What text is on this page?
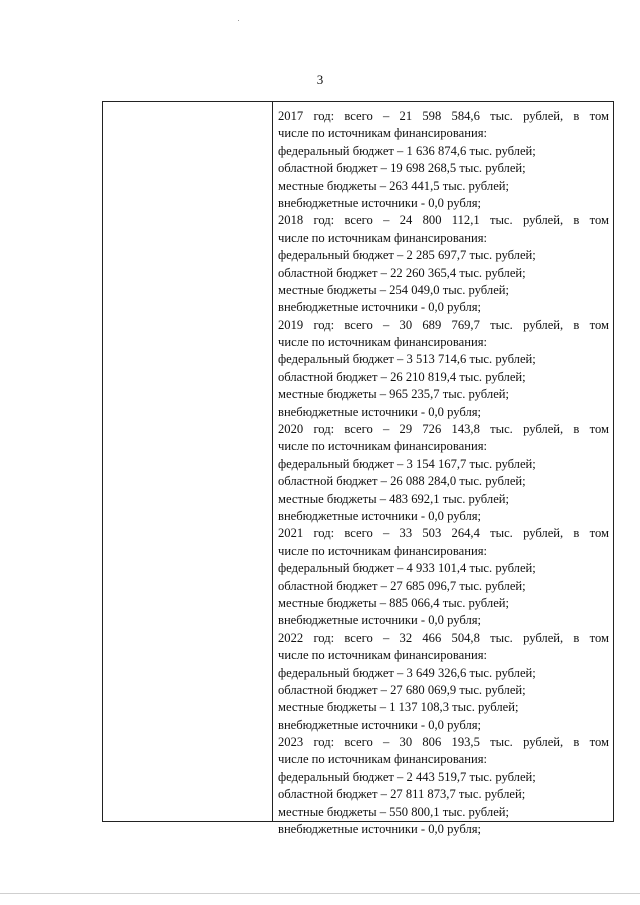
3
2017 год: всего – 21 598 584,6 тыс. рублей, в том
числе по источникам финансирования:
федеральный бюджет – 1 636 874,6 тыс. рублей;
областной бюджет – 19 698 268,5 тыс. рублей;
местные бюджеты – 263 441,5 тыс. рублей;
внебюджетные источники - 0,0 рубля;
2018 год: всего – 24 800 112,1 тыс. рублей, в том
числе по источникам финансирования:
федеральный бюджет – 2 285 697,7 тыс. рублей;
областной бюджет – 22 260 365,4 тыс. рублей;
местные бюджеты – 254 049,0 тыс. рублей;
внебюджетные источники - 0,0 рубля;
2019 год: всего – 30 689 769,7 тыс. рублей, в том
числе по источникам финансирования:
федеральный бюджет – 3 513 714,6 тыс. рублей;
областной бюджет – 26 210 819,4 тыс. рублей;
местные бюджеты – 965 235,7 тыс. рублей;
внебюджетные источники - 0,0 рубля;
2020 год: всего – 29 726 143,8 тыс. рублей, в том
числе по источникам финансирования:
федеральный бюджет – 3 154 167,7 тыс. рублей;
областной бюджет – 26 088 284,0 тыс. рублей;
местные бюджеты – 483 692,1 тыс. рублей;
внебюджетные источники - 0,0 рубля;
2021 год: всего – 33 503 264,4 тыс. рублей, в том
числе по источникам финансирования:
федеральный бюджет – 4 933 101,4 тыс. рублей;
областной бюджет – 27 685 096,7 тыс. рублей;
местные бюджеты – 885 066,4 тыс. рублей;
внебюджетные источники - 0,0 рубля;
2022 год: всего – 32 466 504,8 тыс. рублей, в том
числе по источникам финансирования:
федеральный бюджет – 3 649 326,6 тыс. рублей;
областной бюджет – 27 680 069,9 тыс. рублей;
местные бюджеты – 1 137 108,3 тыс. рублей;
внебюджетные источники - 0,0 рубля;
2023 год: всего – 30 806 193,5 тыс. рублей, в том
числе по источникам финансирования:
федеральный бюджет – 2 443 519,7 тыс. рублей;
областной бюджет – 27 811 873,7 тыс. рублей;
местные бюджеты – 550 800,1 тыс. рублей;
внебюджетные источники - 0,0 рубля;
